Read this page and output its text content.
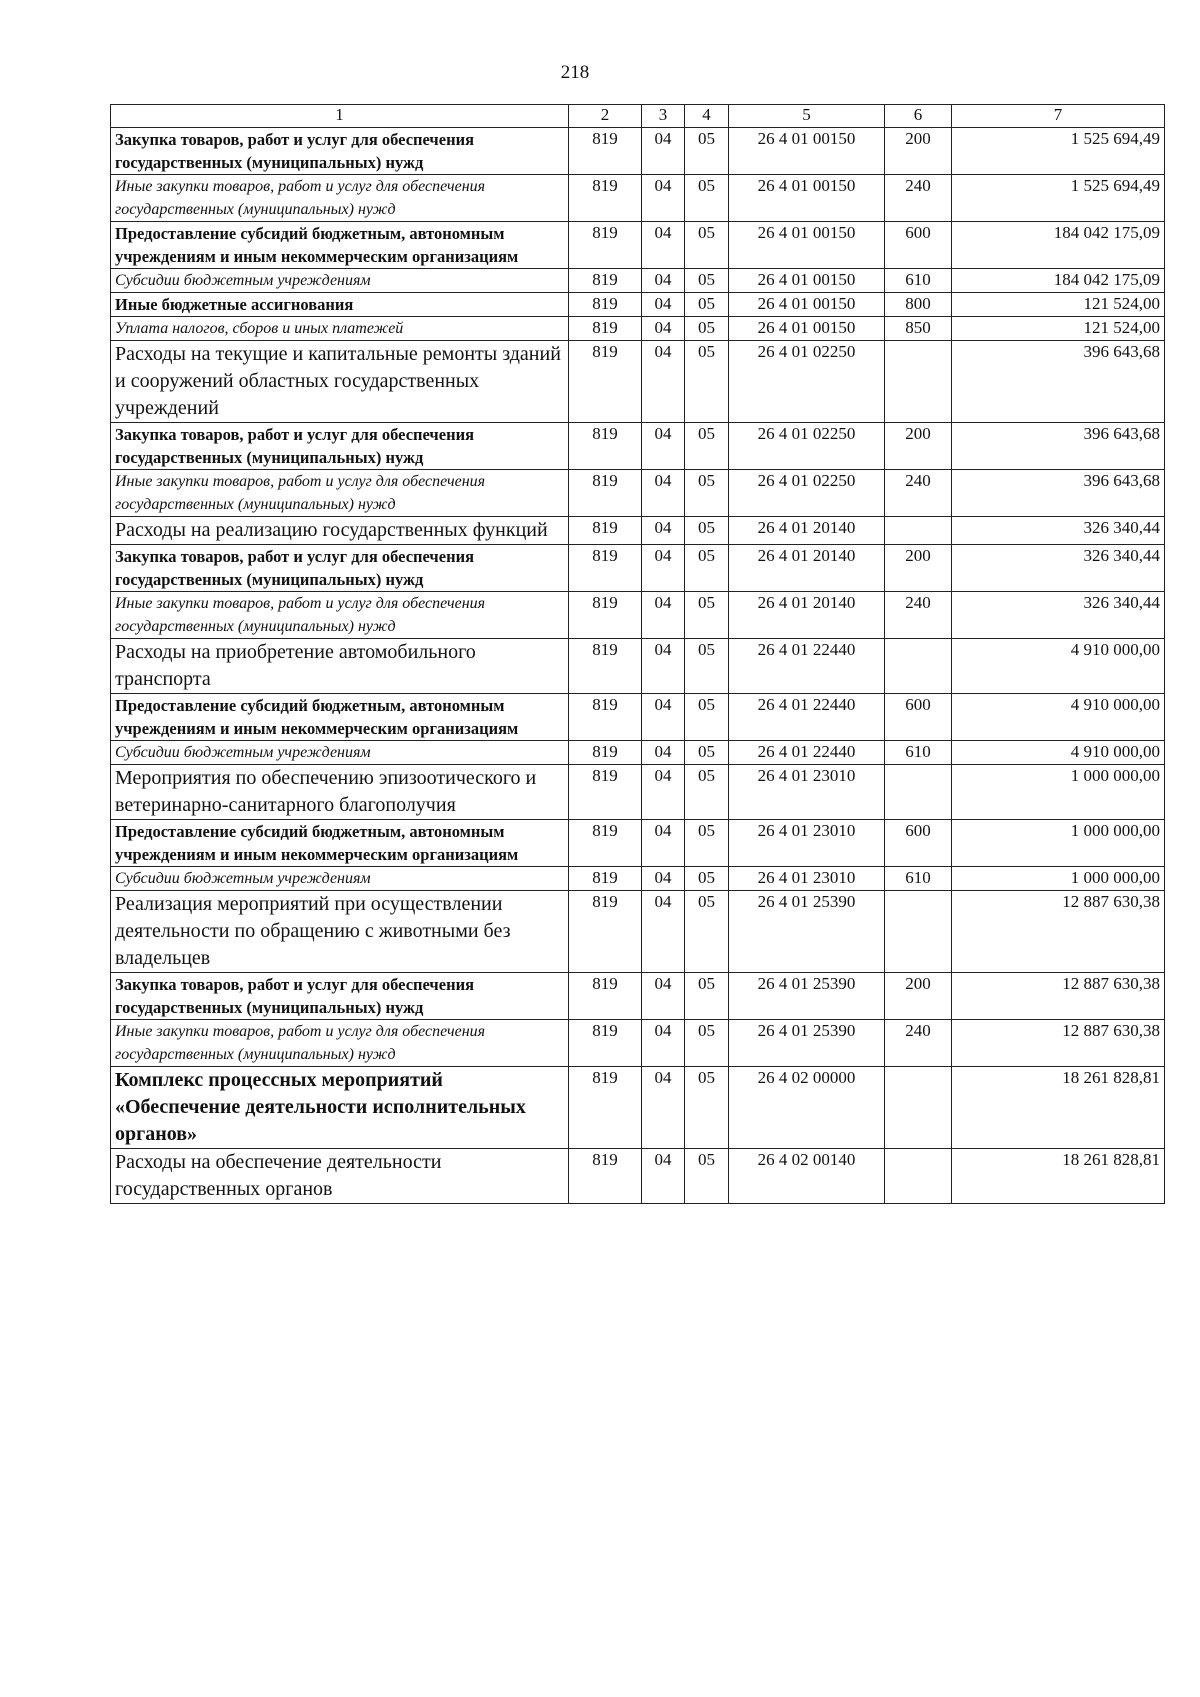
218
1	2	3	4	5	6	7
Закупка товаров, работ и услуг для обеспечения государственных (муниципальных) нужд	819	04	05	26 4 01 00150	200	1 525 694,49
Иные закупки товаров, работ и услуг для обеспечения государственных (муниципальных) нужд	819	04	05	26 4 01 00150	240	1 525 694,49
Предоставление субсидий бюджетным, автономным учреждениям и иным некоммерческим организациям	819	04	05	26 4 01 00150	600	184 042 175,09
Субсидии бюджетным учреждениям	819	04	05	26 4 01 00150	610	184 042 175,09
Иные бюджетные ассигнования	819	04	05	26 4 01 00150	800	121 524,00
Уплата налогов, сборов и иных платежей	819	04	05	26 4 01 00150	850	121 524,00
Расходы на текущие и капитальные ремонты зданий и сооружений областных государственных учреждений	819	04	05	26 4 01 02250		396 643,68
Закупка товаров, работ и услуг для обеспечения государственных (муниципальных) нужд	819	04	05	26 4 01 02250	200	396 643,68
Иные закупки товаров, работ и услуг для обеспечения государственных (муниципальных) нужд	819	04	05	26 4 01 02250	240	396 643,68
Расходы на реализацию государственных функций	819	04	05	26 4 01 20140		326 340,44
Закупка товаров, работ и услуг для обеспечения государственных (муниципальных) нужд	819	04	05	26 4 01 20140	200	326 340,44
Иные закупки товаров, работ и услуг для обеспечения государственных (муниципальных) нужд	819	04	05	26 4 01 20140	240	326 340,44
Расходы на приобретение автомобильного транспорта	819	04	05	26 4 01 22440		4 910 000,00
Предоставление субсидий бюджетным, автономным учреждениям и иным некоммерческим организациям	819	04	05	26 4 01 22440	600	4 910 000,00
Субсидии бюджетным учреждениям	819	04	05	26 4 01 22440	610	4 910 000,00
Мероприятия по обеспечению эпизоотического и ветеринарно-санитарного благополучия	819	04	05	26 4 01 23010		1 000 000,00
Предоставление субсидий бюджетным, автономным учреждениям и иным некоммерческим организациям	819	04	05	26 4 01 23010	600	1 000 000,00
Субсидии бюджетным учреждениям	819	04	05	26 4 01 23010	610	1 000 000,00
Реализация мероприятий при осуществлении деятельности по обращению с животными без владельцев	819	04	05	26 4 01 25390		12 887 630,38
Закупка товаров, работ и услуг для обеспечения государственных (муниципальных) нужд	819	04	05	26 4 01 25390	200	12 887 630,38
Иные закупки товаров, работ и услуг для обеспечения государственных (муниципальных) нужд	819	04	05	26 4 01 25390	240	12 887 630,38
Комплекс процессных мероприятий «Обеспечение деятельности исполнительных органов»	819	04	05	26 4 02 00000		18 261 828,81
Расходы на обеспечение деятельности государственных органов	819	04	05	26 4 02 00140		18 261 828,81
